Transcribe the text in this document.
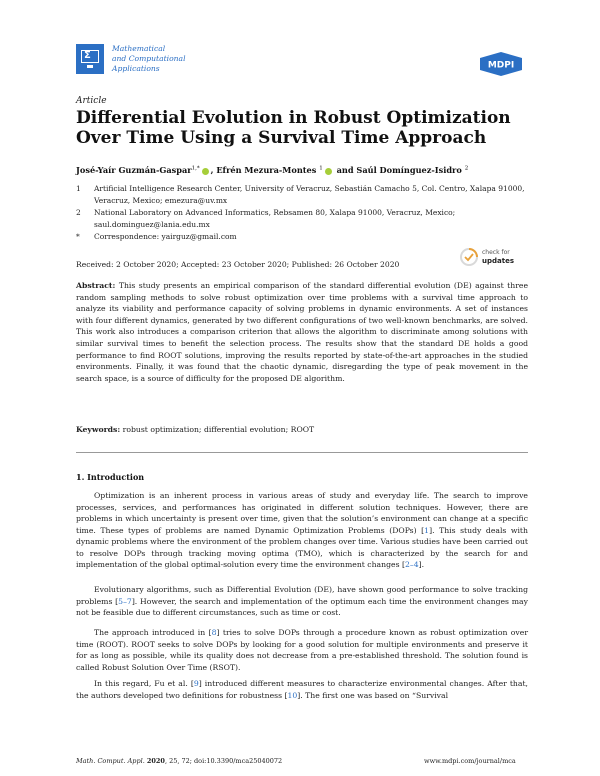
Σ
Mathematical
and Computational
Applications	MDPI
Article
Differential Evolution in Robust Optimization Over Time Using a Survival Time Approach
José-Yaír Guzmán-Gaspar$^{1,*}$ , Efrén Mezura-Montes $^1$ and Saúl Domínguez-Isidro $^2$
1	Artificial Intelligence Research Center, University of Veracruz, Sebastián Camacho 5, Col. Centro, Xalapa 91000, Veracruz, Mexico; emezura@uv.mx
2	National Laboratory on Advanced Informatics, Rebsamen 80, Xalapa 91000, Veracruz, Mexico; saul.dominguez@lania.edu.mx
*	Correspondence: yairguz@gmail.com
Received: 2 October 2020; Accepted: 23 October 2020; Published: 26 October 2020
check for
updates
Abstract: This study presents an empirical comparison of the standard differential evolution (DE) against three random sampling methods to solve robust optimization over time problems with a survival time approach to analyze its viability and performance capacity of solving problems in dynamic environments. A set of instances with four different dynamics, generated by two different configurations of two well-known benchmarks, are solved. This work also introduces a comparison criterion that allows the algorithm to discriminate among solutions with similar survival times to benefit the selection process. The results show that the standard DE holds a good performance to find ROOT solutions, improving the results reported by state-of-the-art approaches in the studied environments. Finally, it was found that the chaotic dynamic, disregarding the type of peak movement in the search space, is a source of difficulty for the proposed DE algorithm.
Keywords: robust optimization; differential evolution; ROOT
1. Introduction
Optimization is an inherent process in various areas of study and everyday life. The search to improve processes, services, and performances has originated in different solution techniques. However, there are problems in which uncertainty is present over time, given that the solution’s environment can change at a specific time. These types of problems are named Dynamic Optimization Problems (DOPs) [1]. This study deals with dynamic problems where the environment of the problem changes over time. Various studies have been carried out to resolve DOPs through tracking moving optima (TMO), which is characterized by the search for and implementation of the global optimal-solution every time the environment changes [2–4].
Evolutionary algorithms, such as Differential Evolution (DE), have shown good performance to solve tracking problems [5–7]. However, the search and implementation of the optimum each time the environment changes may not be feasible due to different circumstances, such as time or cost.
The approach introduced in [8] tries to solve DOPs through a procedure known as robust optimization over time (ROOT). ROOT seeks to solve DOPs by looking for a good solution for multiple environments and preserve it for as long as possible, while its quality does not decrease from a pre-established threshold. The solution found is called Robust Solution Over Time (RSOT).
In this regard, Fu et al. [9] introduced different measures to characterize environmental changes. After that, the authors developed two definitions for robustness [10]. The first one was based on “Survival
Math. Comput. Appl. 2020, 25, 72; doi:10.3390/mca25040072	www.mdpi.com/journal/mca
